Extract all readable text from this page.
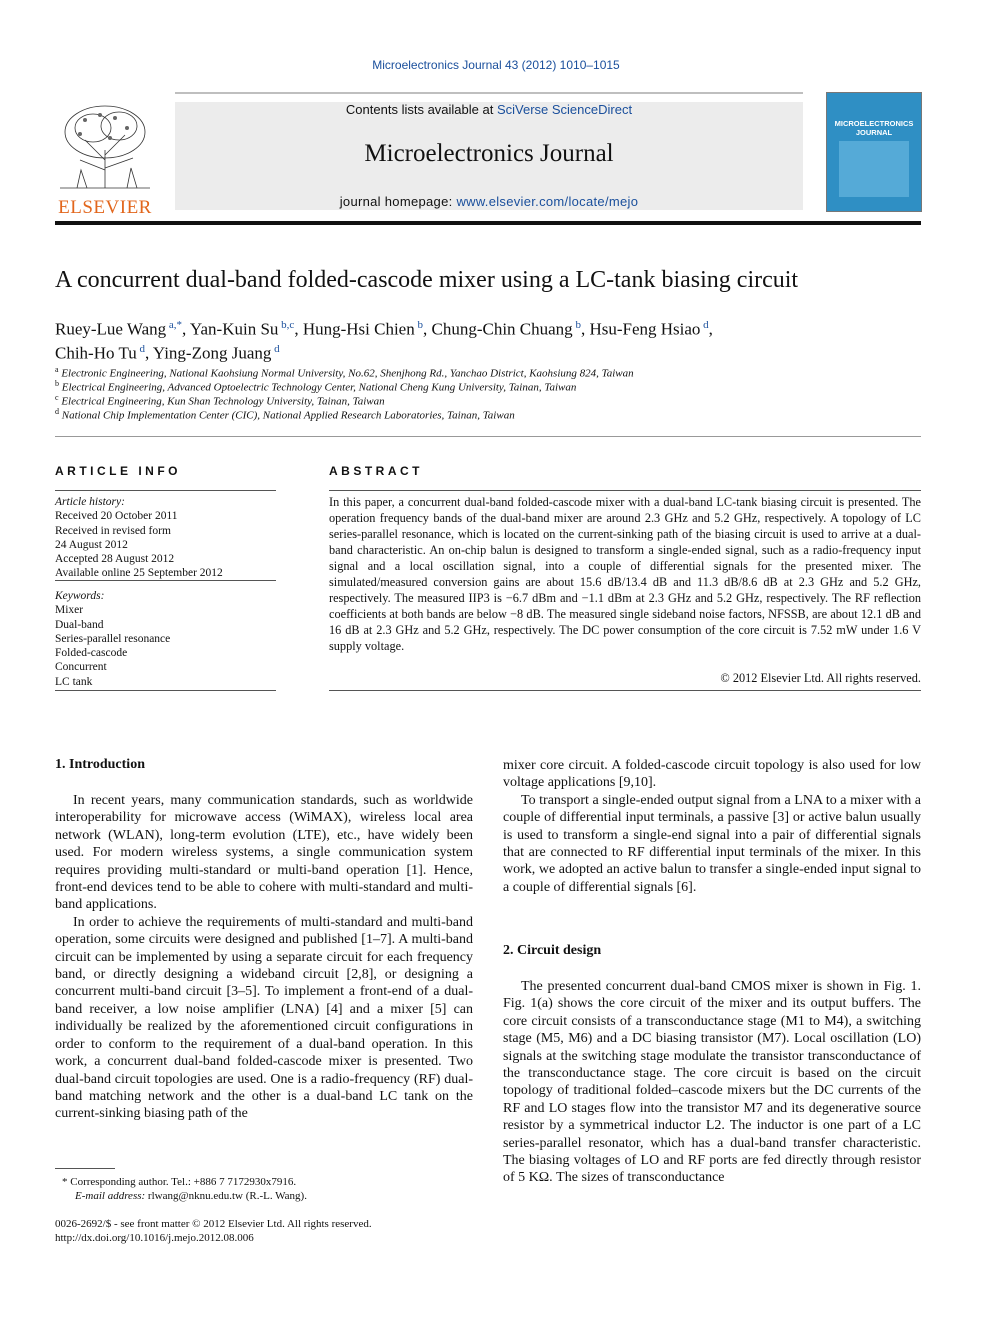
Microelectronics Journal 43 (2012) 1010–1015
ELSEVIER
Contents lists available at SciVerse ScienceDirect
Microelectronics Journal
journal homepage: www.elsevier.com/locate/mejo
MICROELECTRONICS
JOURNAL
A concurrent dual-band folded-cascode mixer using a LC-tank biasing circuit
Ruey-Lue Wang $^{a,*}$, Yan-Kuin Su $^{b,c}$, Hung-Hsi Chien $^b$, Chung-Chin Chuang $^b$, Hsu-Feng Hsiao $^d$,
Chih-Ho Tu $^d$, Ying-Zong Juang $^d$
$^a$ Electronic Engineering, National Kaohsiung Normal University, No.62, Shenjhong Rd., Yanchao District, Kaohsiung 824, Taiwan
$^b$ Electrical Engineering, Advanced Optoelectric Technology Center, National Cheng Kung University, Tainan, Taiwan
$^c$ Electrical Engineering, Kun Shan Technology University, Tainan, Taiwan
$^d$ National Chip Implementation Center (CIC), National Applied Research Laboratories, Tainan, Taiwan
ARTICLE INFO
Article history:
Received 20 October 2011
Received in revised form
24 August 2012
Accepted 28 August 2012
Available online 25 September 2012
Keywords:
Mixer
Dual-band
Series-parallel resonance
Folded-cascode
Concurrent
LC tank
ABSTRACT
In this paper, a concurrent dual-band folded-cascode mixer with a dual-band LC-tank biasing circuit is presented. The operation frequency bands of the dual-band mixer are around 2.3 GHz and 5.2 GHz, respectively. A topology of LC series-parallel resonance, which is located on the current-sinking path of the biasing circuit is used to arrive at a dual-band characteristic. An on-chip balun is designed to transform a single-ended signal, such as a radio-frequency input signal and a local oscillation signal, into a couple of differential signals for the presented mixer. The simulated/measured conversion gains are about 15.6 dB/13.4 dB and 11.3 dB/8.6 dB at 2.3 GHz and 5.2 GHz, respectively. The measured IIP3 is −6.7 dBm and −1.1 dBm at 2.3 GHz and 5.2 GHz, respectively. The RF reflection coefficients at both bands are below −8 dB. The measured single sideband noise factors, NFSSB, are about 12.1 dB and 16 dB at 2.3 GHz and 5.2 GHz, respectively. The DC power consumption of the core circuit is 7.52 mW under 1.6 V supply voltage.
© 2012 Elsevier Ltd. All rights reserved.
1. Introduction

In recent years, many communication standards, such as worldwide interoperability for microwave access (WiMAX), wireless local area network (WLAN), long-term evolution (LTE), etc., have widely been used. For modern wireless systems, a single communication system requires providing multi-standard or multi-band operation [1]. Hence, front-end devices tend to be able to cohere with multi-standard and multi-band applications.

In order to achieve the requirements of multi-standard and multi-band operation, some circuits were designed and published [1–7]. A multi-band circuit can be implemented by using a separate circuit for each frequency band, or directly designing a wideband circuit [2,8], or designing a concurrent multi-band circuit [3–5]. To implement a front-end of a dual-band receiver, a low noise amplifier (LNA) [4] and a mixer [5] can individually be realized by the aforementioned circuit configurations in order to conform to the requirement of a dual-band operation. In this work, a concurrent dual-band folded-cascode mixer is presented. Two dual-band circuit topologies are used. One is a radio-frequency (RF) dual-band matching network and the other is a dual-band LC tank on the current-sinking biasing path of the

mixer core circuit. A folded-cascode circuit topology is also used for low voltage applications [9,10].

To transport a single-ended output signal from a LNA to a mixer with a couple of differential input terminals, a passive [3] or active balun usually is used to transform a single-end signal into a pair of differential signals that are connected to RF differential input terminals of the mixer. In this work, we adopted an active balun to transfer a single-ended input signal to a couple of differential signals [6].

2. Circuit design

The presented concurrent dual-band CMOS mixer is shown in Fig. 1. Fig. 1(a) shows the core circuit of the mixer and its output buffers. The core circuit consists of a transconductance stage (M1 to M4), a switching stage (M5, M6) and a DC biasing transistor (M7). Local oscillation (LO) signals at the switching stage modulate the transistor transconductance of the transconductance stage. The core circuit is based on the circuit topology of traditional folded–cascode mixers but the DC currents of the RF and LO stages flow into the transistor M7 and its degenerative source resistor by a symmetrical inductor L2. The inductor is one part of a LC series-parallel resonator, which has a dual-band transfer characteristic. The biasing voltages of LO and RF ports are fed directly through resistor of 5 KΩ. The sizes of transconductance

* Corresponding author. Tel.: +886 7 7172930x7916.
E-mail address: rlwang@nknu.edu.tw (R.-L. Wang).
0026-2692/$ - see front matter © 2012 Elsevier Ltd. All rights reserved.
http://dx.doi.org/10.1016/j.mejo.2012.08.006
